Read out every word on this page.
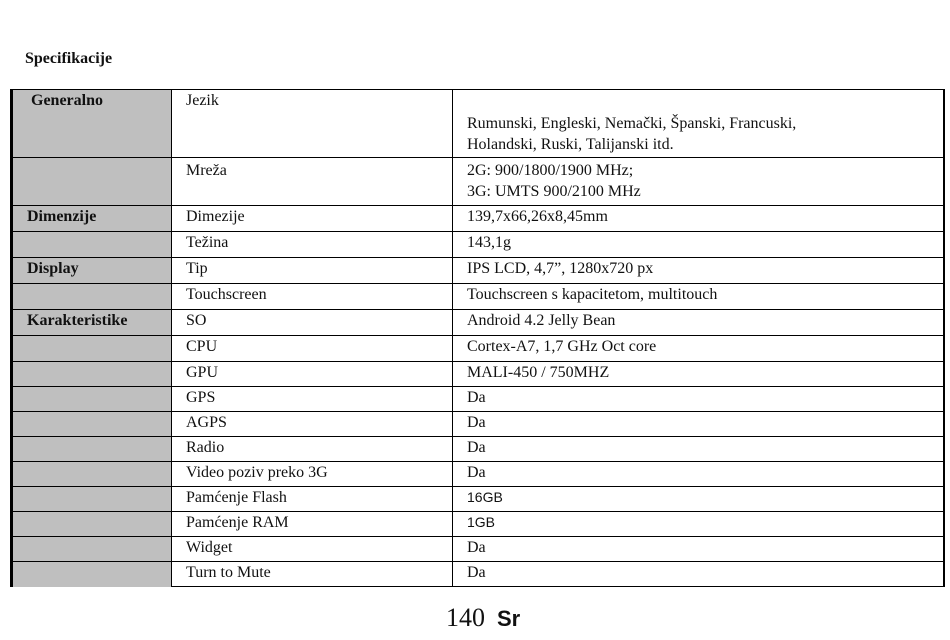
Specifikacije
Generalno	Jezik	Rumunski, Engleski, Nemački, Španski, Francuski,
Holandski, Ruski, Talijanski itd.

	Mreža	2G: 900/1800/1900 MHz;
3G: UMTS 900/2100 MHz

Dimenzije	Dimezije	139,7x66,26x8,45mm
	Težina	143,1g
Display	Tip	IPS LCD, 4,7”, 1280x720 px
	Touchscreen	Touchscreen s kapacitetom, multitouch
Karakteristike	SO	Android 4.2 Jelly Bean
	CPU	Cortex-A7, 1,7 GHz Oct core
	GPU	MALI-450 / 750MHZ
	GPS	Da
	AGPS	Da
	Radio	Da
	Video poziv preko 3G	Da
	Pamćenje Flash	16GB
	Pamćenje RAM	1GB
	Widget	Da
	Turn to Mute	Da
140 Sr
